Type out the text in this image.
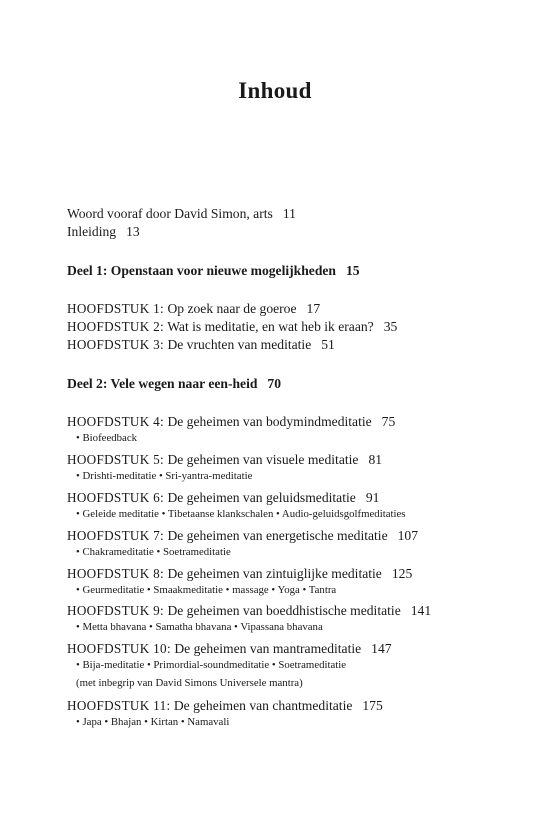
Inhoud
Woord vooraf door David Simon, arts 11
Inleiding 13
Deel 1: Openstaan voor nieuwe mogelijkheden 15
HOOFDSTUK 1: Op zoek naar de goeroe 17
HOOFDSTUK 2: Wat is meditatie, en wat heb ik eraan? 35
HOOFDSTUK 3: De vruchten van meditatie 51
Deel 2: Vele wegen naar een-heid 70
HOOFDSTUK 4: De geheimen van bodymindmeditatie 75
• Biofeedback
HOOFDSTUK 5: De geheimen van visuele meditatie 81
• Drishti-meditatie • Sri-yantra-meditatie
HOOFDSTUK 6: De geheimen van geluidsmeditatie 91
• Geleide meditatie • Tibetaanse klankschalen • Audio-geluidsgolfmeditaties
HOOFDSTUK 7: De geheimen van energetische meditatie 107
• Chakrameditatie • Soetrameditatie
HOOFDSTUK 8: De geheimen van zintuiglijke meditatie 125
• Geurmeditatie • Smaakmeditatie • massage • Yoga • Tantra
HOOFDSTUK 9: De geheimen van boeddhistische meditatie 141
• Metta bhavana • Samatha bhavana • Vipassana bhavana
HOOFDSTUK 10: De geheimen van mantrameditatie 147
• Bija-meditatie • Primordial-soundmeditatie • Soetrameditatie
(met inbegrip van David Simons Universele mantra)
HOOFDSTUK 11: De geheimen van chantmeditatie 175
• Japa • Bhajan • Kirtan • Namavali
